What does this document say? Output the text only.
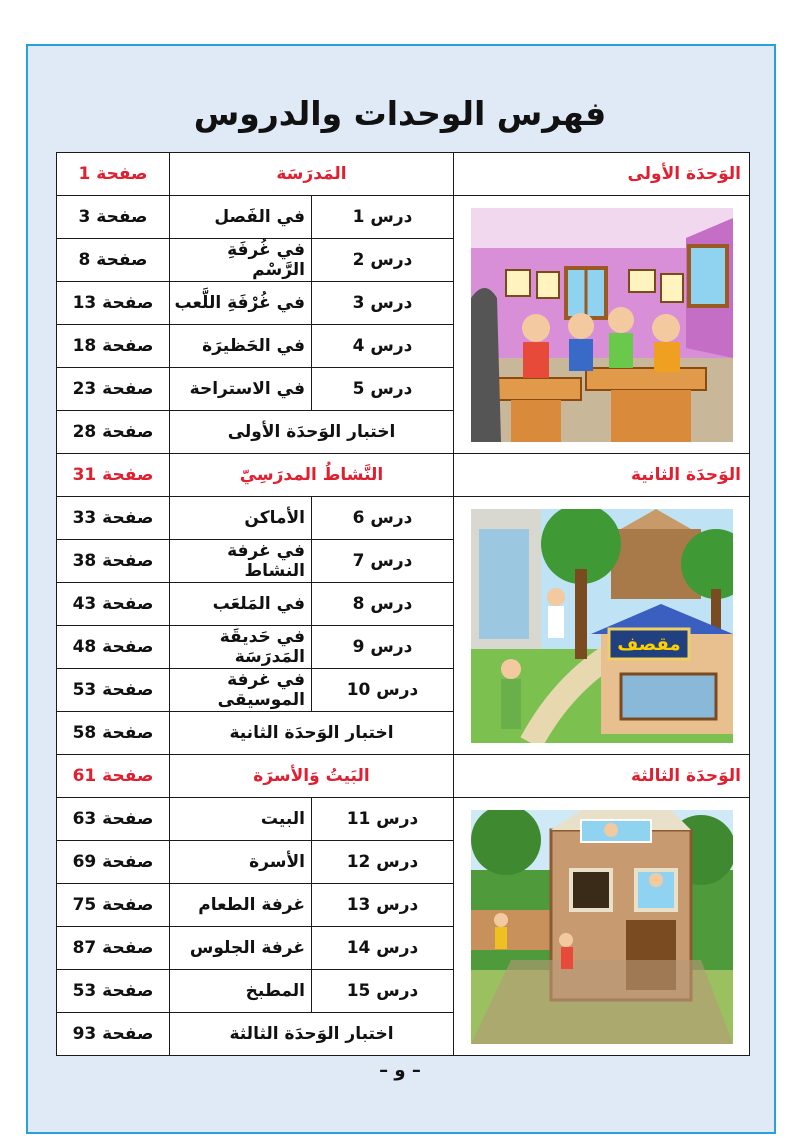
فهرس الوحدات والدروس
صفحة 1	المَدرَسَة		الوَحدَة الأولى
صفحة 3	في الفَصل	درس 1	

صفحة 8	في غُرفَةِ الرَّسْم	درس 2	
صفحة 13	في غُرْفَةِ اللَّعب	درس 3	
صفحة 18	في الحَظيرَة	درس 4	
صفحة 23	في الاستراحة	درس 5	
صفحة 28	اختبار الوَحدَة الأولى		
صفحة 31	النَّشاطُ المدرَسِيّ		الوَحدَة الثانية
صفحة 33	الأماكن	درس 6	مقصف

صفحة 38	في غرفة النشاط	درس 7	
صفحة 43	في المَلعَب	درس 8	
صفحة 48	في حَديقَة المَدرَسَة	درس 9	
صفحة 53	في غرفة الموسيقى	درس 10	
صفحة 58	اختبار الوَحدَة الثانية		
صفحة 61	البَيتُ وَالأسرَة		الوَحدَة الثالثة
صفحة 63	البيت	درس 11	

صفحة 69	الأسرة	درس 12	
صفحة 75	غرفة الطعام	درس 13	
صفحة 87	غرفة الجلوس	درس 14	
صفحة 53	المطبخ	درس 15	
صفحة 93	اختبار الوَحدَة الثالثة		
– و –
